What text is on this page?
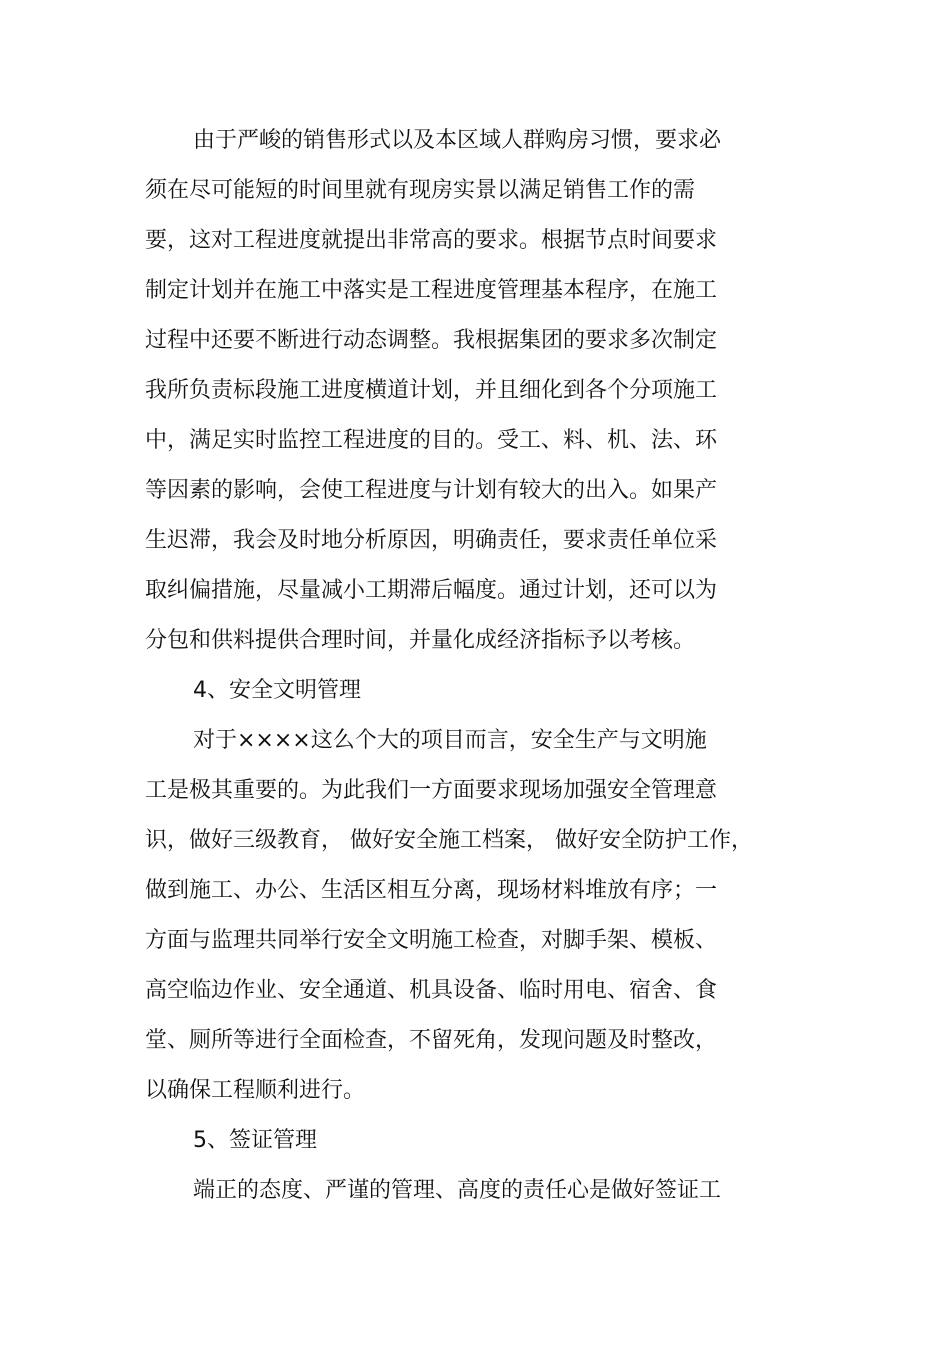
由于严峻的销售形式以及本区域人群购房习惯，要求必
须在尽可能短的时间里就有现房实景以满足销售工作的需
要，这对工程进度就提出非常高的要求。根据节点时间要求
制定计划并在施工中落实是工程进度管理基本程序，在施工
过程中还要不断进行动态调整。我根据集团的要求多次制定
我所负责标段施工进度横道计划，并且细化到各个分项施工
中，满足实时监控工程进度的目的。受工、料、机、法、环
等因素的影响，会使工程进度与计划有较大的出入。如果产
生迟滞，我会及时地分析原因，明确责任，要求责任单位采
取纠偏措施，尽量减小工期滞后幅度。通过计划，还可以为
分包和供料提供合理时间，并量化成经济指标予以考核。
4、安全文明管理
对于××××这么个大的项目而言，安全生产与文明施
工是极其重要的。为此我们一方面要求现场加强安全管理意
识，做好三级教育， 做好安全施工档案， 做好安全防护工作，
做到施工、办公、生活区相互分离，现场材料堆放有序；一
方面与监理共同举行安全文明施工检查，对脚手架、模板、
高空临边作业、安全通道、机具设备、临时用电、宿舍、食
堂、厕所等进行全面检查，不留死角，发现问题及时整改，
以确保工程顺利进行。
5、签证管理
端正的态度、严谨的管理、高度的责任心是做好签证工
